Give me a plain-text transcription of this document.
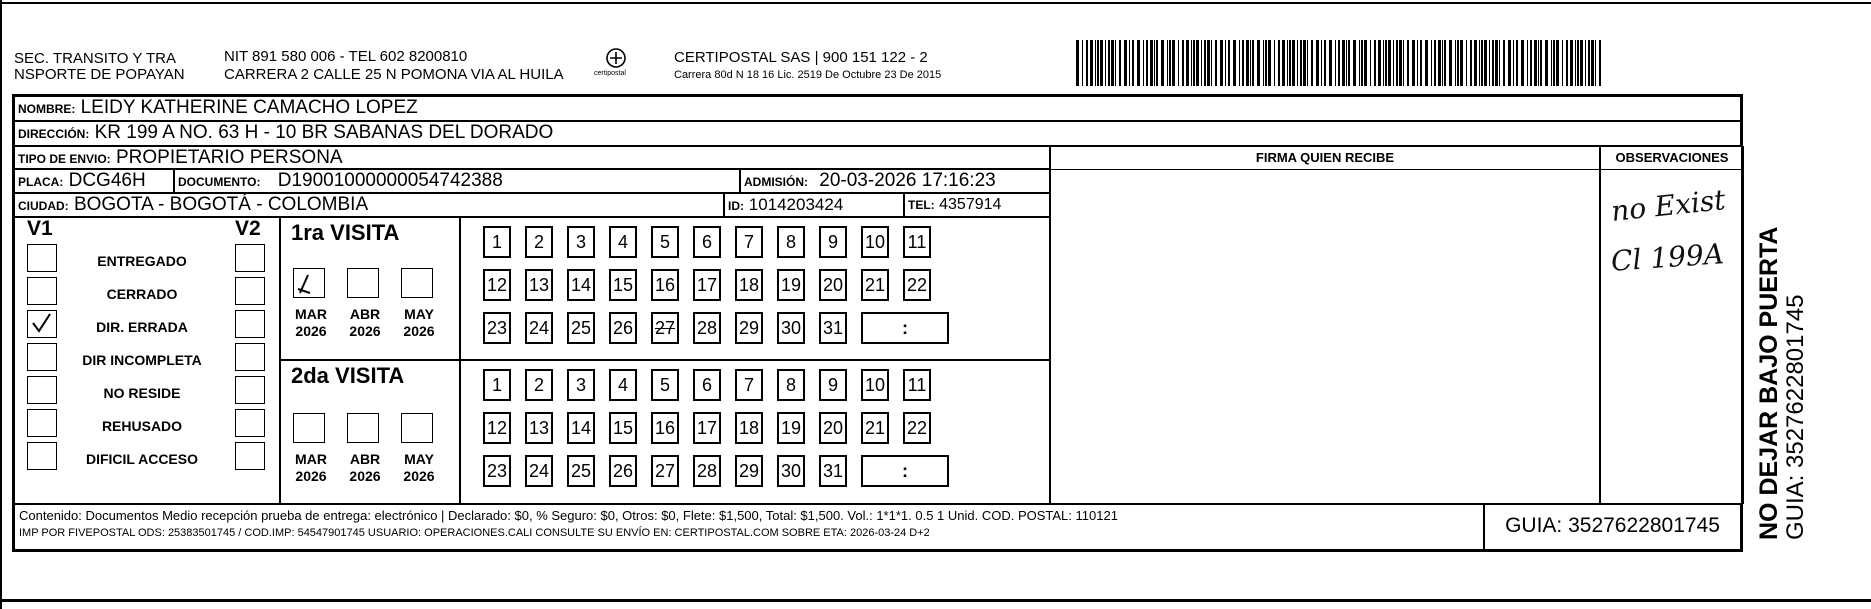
SEC. TRANSITO Y TRA
NSPORTE DE POPAYAN
NIT 891 580 006 - TEL 602 8200810
CARRERA 2 CALLE 25 N POMONA VIA AL HUILA	certipostal
CERTIPOSTAL SAS | 900 151 122 - 2
Carrera 80d N 18 16 Lic. 2519 De Octubre 23 De 2015
NOMBRE: LEIDY KATHERINE CAMACHO LOPEZ
DIRECCIÓN: KR 199 A NO. 63 H - 10 BR SABANAS DEL DORADO
TIPO DE ENVIO: PROPIETARIO PERSONA
PLACA: DCG46H	DOCUMENTO: D19001000000054742388	ADMISIÓN: 20-03-2026 17:16:23
CIUDAD: BOGOTA - BOGOTÁ - COLOMBIA	ID: 1014203424	TEL: 4357914
FIRMA QUIEN RECIBE	OBSERVACIONES
no Exist
Cl 199A
V1	V2
ENTREGADO
CERRADO
DIR. ERRADA
DIR INCOMPLETA
NO RESIDE
REHUSADO
DIFICIL ACCESO
1ra VISITA
MAR
2026
ABR
2026
MAY
2026
1	2	3	4	5	6	7	8	9	10 11
12 13 14 15 16 17 18 19 20 21 22
23 24 25 26 27 28 29 30 31	:
2da VISITA
MAR
2026
ABR
2026
MAY
2026
1	2	3	4	5	6	7	8	9	10 11
12 13 14 15 16 17 18 19 20 21 22
23 24 25 26 27 28 29 30 31	:
Contenido: Documentos Medio recepción prueba de entrega: electrónico | Declarado: $0, % Seguro: $0, Otros: $0, Flete: $1,500, Total: $1,500. Vol.: 1*1*1. 0.5 1 Unid. COD. POSTAL: 110121
IMP POR FIVEPOSTAL ODS: 25383501745 / COD.IMP: 54547901745 USUARIO: OPERACIONES.CALI CONSULTE SU ENVÍO EN: CERTIPOSTAL.COM SOBRE ETA: 2026-03-24 D+2	GUIA: 3527622801745	NO DEJAR BAJO PUERTA GUIA: 3527622801745
